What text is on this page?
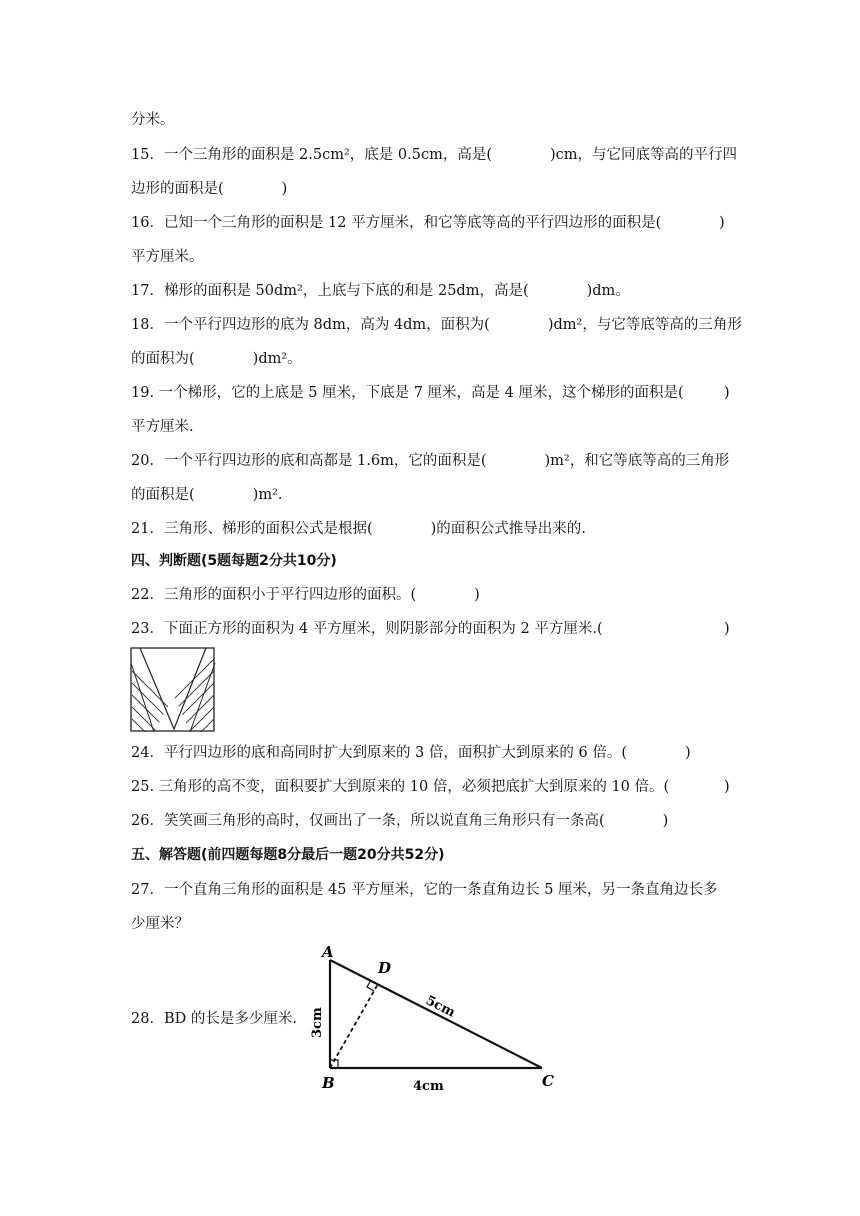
分米。
15．一个三角形的面积是 2.5cm²，底是 0.5cm，高是(　　　　)cm，与它同底等高的平行四
边形的面积是(　　　　)
16．已知一个三角形的面积是 12 平方厘米，和它等底等高的平行四边形的面积是(	)
平方厘米。
17．梯形的面积是 50dm²，上底与下底的和是 25dm，高是(　　　　)dm。
18．一个平行四边形的底为 8dm，高为 4dm，面积为(　　　　)dm²，与它等底等高的三角形
的面积为(　　　　)dm²。
19. 一个梯形，它的上底是 5 厘米，下底是 7 厘米，高是 4 厘米，这个梯形的面积是(	)
平方厘米.
20．一个平行四边形的底和高都是 1.6m，它的面积是(　　　　)m²，和它等底等高的三角形
的面积是(　　　　)m².
21．三角形、梯形的面积公式是根据(　　　　)的面积公式推导出来的.
四、判断题(5题每题2分共10分)
22．三角形的面积小于平行四边形的面积。(　　　　)
23．下面正方形的面积为 4 平方厘米，则阴影部分的面积为 2 平方厘米.(	)
24．平行四边形的底和高同时扩大到原来的 3 倍，面积扩大到原来的 6 倍。(　　　　)
25. 三角形的高不变，面积要扩大到原来的 10 倍，必须把底扩大到原来的 10 倍。(	)
26．笑笑画三角形的高时，仅画出了一条，所以说直角三角形只有一条高(　　　　)
五、解答题(前四题每题8分最后一题20分共52分)
27．一个直角三角形的面积是 45 平方厘米，它的一条直角边长 5 厘米，另一条直角边长多
少厘米？
28．BD 的长是多少厘米.
A
B	C
D
3cm
4cm
5cm
